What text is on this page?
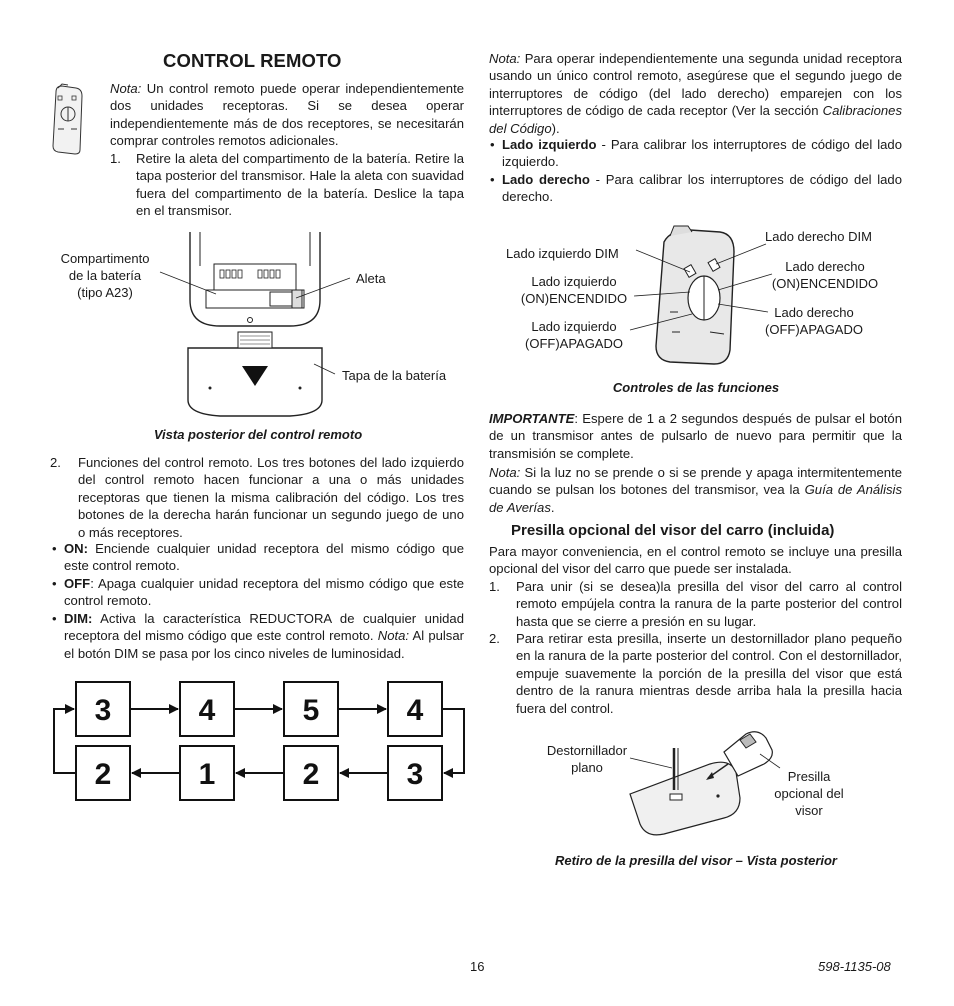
CONTROL REMOTO
Nota: Un control remoto puede operar independientemente dos unidades receptoras. Si se desea operar independientemente más de dos receptores, se necesitarán comprar controles remotos adicionales.
1. Retire la aleta del compartimento de la batería. Retire la tapa posterior del transmisor. Hale la aleta con suavidad fuera del compartimento de la batería. Deslice la tapa en el transmisor.
Compartimento
de la batería
(tipo A23)
Aleta
Tapa de la batería
Vista posterior del control remoto
2. Funciones del control remoto. Los tres botones del lado izquierdo del control remoto hacen funcionar a una o más unidades receptoras que tienen la misma calibración del código. Los tres botones de la derecha harán funcionar un segundo juego de uno o más receptores.
• ON: Enciende cualquier unidad receptora del mismo código que este control remoto.
• OFF: Apaga cualquier unidad receptora del mismo código que este control remoto.
• DIM: Activa la característica REDUCTORA de cualquier unidad receptora del mismo código que este control remoto. Nota: Al pulsar el botón DIM se pasa por los cinco niveles de luminosidad.
3	4	5	4
2	1	2	3
Nota: Para operar independientemente una segunda unidad receptora usando un único control remoto, asegúrese que el segundo juego de interruptores de código (del lado derecho) emparejen con los interruptores de código de cada receptor (Ver la sección Calibraciones del Código).
• Lado izquierdo - Para calibrar los interruptores de código del lado izquierdo.
• Lado derecho - Para calibrar los interruptores de código del lado derecho.
Lado izquierdo DIM
Lado izquierdo
(ON)ENCENDIDO
Lado izquierdo
(OFF)APAGADO
Lado derecho DIM
Lado derecho
(ON)ENCENDIDO
Lado derecho
(OFF)APAGADO
Controles de las funciones
IMPORTANTE: Espere de 1 a 2 segundos después de pulsar el botón de un transmisor antes de pulsarlo de nuevo para permitir que la transmisión se complete.
Nota: Si la luz no se prende o si se prende y apaga intermitentemente cuando se pulsan los botones del transmisor, vea la Guía de Análisis de Averías.
Presilla opcional del visor del carro (incluida)
Para mayor conveniencia, en el control remoto se incluye una presilla opcional del visor del carro que puede ser instalada.
1. Para unir (si se desea)la presilla del visor del carro al control remoto empújela contra la ranura de la parte posterior del control hasta que se cierre a presión en su lugar.
2. Para retirar esta presilla, inserte un destornillador plano pequeño en la ranura de la parte posterior del control. Con el destornillador, empuje suavemente la porción de la presilla del visor que está dentro de la ranura mientras desde arriba hala la presilla hacia fuera del control.
Destornillador
plano
Presilla
opcional del
visor
Retiro de la presilla del visor – Vista posterior
16	598-1135-08
